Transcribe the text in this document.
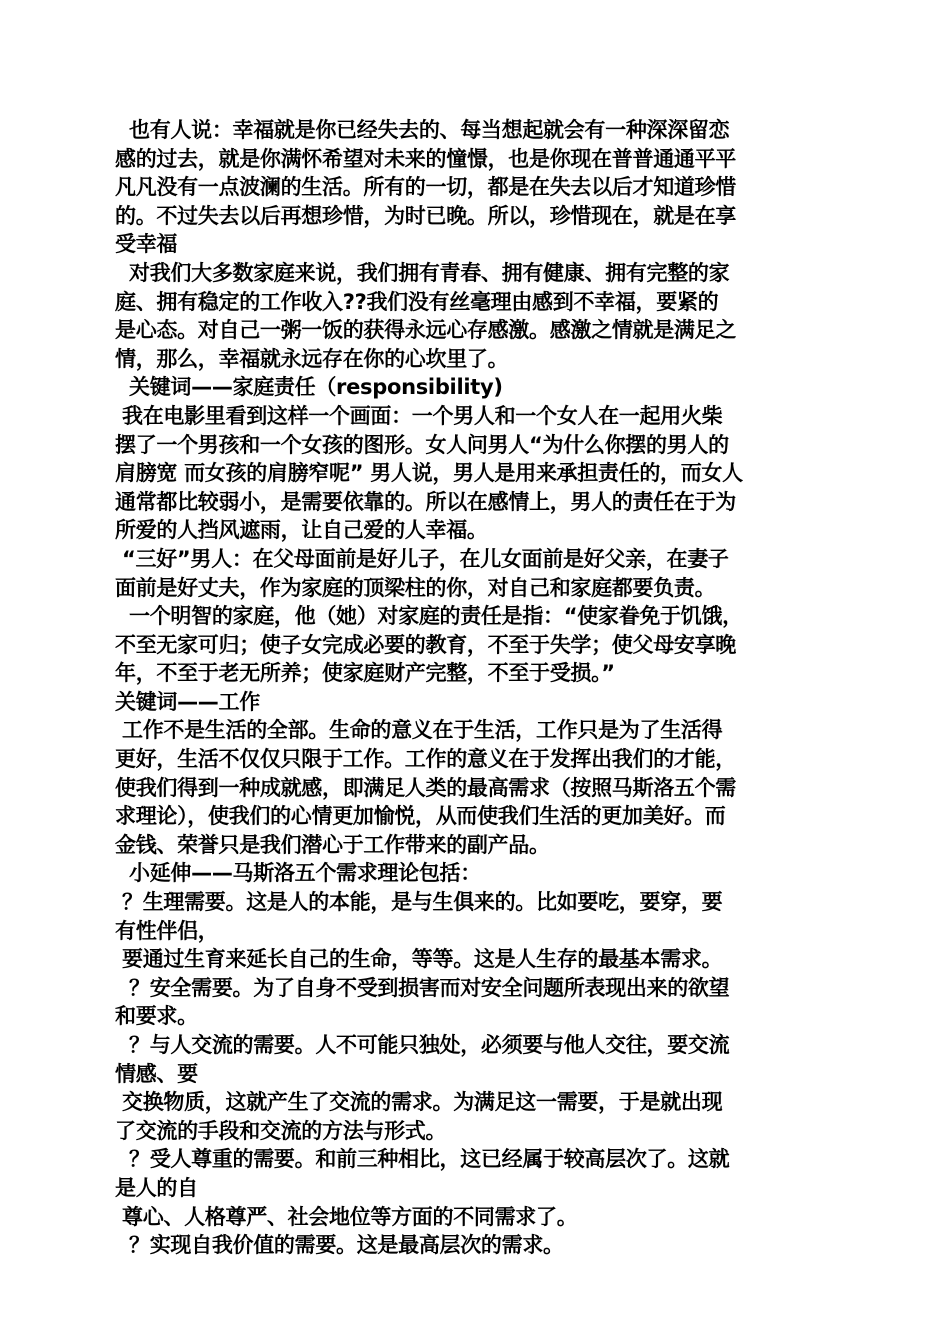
也有人说：幸福就是你已经失去的、每当想起就会有一种深深留恋
感的过去，就是你满怀希望对未来的憧憬，也是你现在普普通通平平
凡凡没有一点波澜的生活。所有的一切，都是在失去以后才知道珍惜
的。不过失去以后再想珍惜，为时已晚。所以，珍惜现在，就是在享
受幸福
对我们大多数家庭来说，我们拥有青春、拥有健康、拥有完整的家
庭、拥有稳定的工作收入??我们没有丝毫理由感到不幸福，要紧的
是心态。对自己一粥一饭的获得永远心存感激。感激之情就是满足之
情，那么，幸福就永远存在你的心坎里了。
关键词——家庭责任（responsibility)
我在电影里看到这样一个画面：一个男人和一个女人在一起用火柴
摆了一个男孩和一个女孩的图形。女人问男人“为什么你摆的男人的
肩膀宽 而女孩的肩膀窄呢” 男人说，男人是用来承担责任的，而女人
通常都比较弱小，是需要依靠的。所以在感情上，男人的责任在于为
所爱的人挡风遮雨，让自己爱的人幸福。
“三好”男人：在父母面前是好儿子，在儿女面前是好父亲，在妻子
面前是好丈夫，作为家庭的顶梁柱的你，对自己和家庭都要负责。
一个明智的家庭，他（她）对家庭的责任是指：“使家眷免于饥饿，
不至无家可归；使子女完成必要的教育，不至于失学；使父母安享晚
年，不至于老无所养；使家庭财产完整，不至于受损。”
关键词——工作
工作不是生活的全部。生命的意义在于生活，工作只是为了生活得
更好，生活不仅仅只限于工作。工作的意义在于发挥出我们的才能，
使我们得到一种成就感，即满足人类的最高需求（按照马斯洛五个需
求理论），使我们的心情更加愉悦，从而使我们生活的更加美好。而
金钱、荣誉只是我们潜心于工作带来的副产品。
小延伸——马斯洛五个需求理论包括：
？生理需要。这是人的本能，是与生俱来的。比如要吃，要穿，要
有性伴侣，
要通过生育来延长自己的生命，等等。这是人生存的最基本需求。
？安全需要。为了自身不受到损害而对安全问题所表现出来的欲望
和要求。
？与人交流的需要。人不可能只独处，必须要与他人交往，要交流
情感、要
交换物质，这就产生了交流的需求。为满足这一需要，于是就出现
了交流的手段和交流的方法与形式。
？受人尊重的需要。和前三种相比，这已经属于较高层次了。这就
是人的自
尊心、人格尊严、社会地位等方面的不同需求了。
？实现自我价值的需要。这是最高层次的需求。
